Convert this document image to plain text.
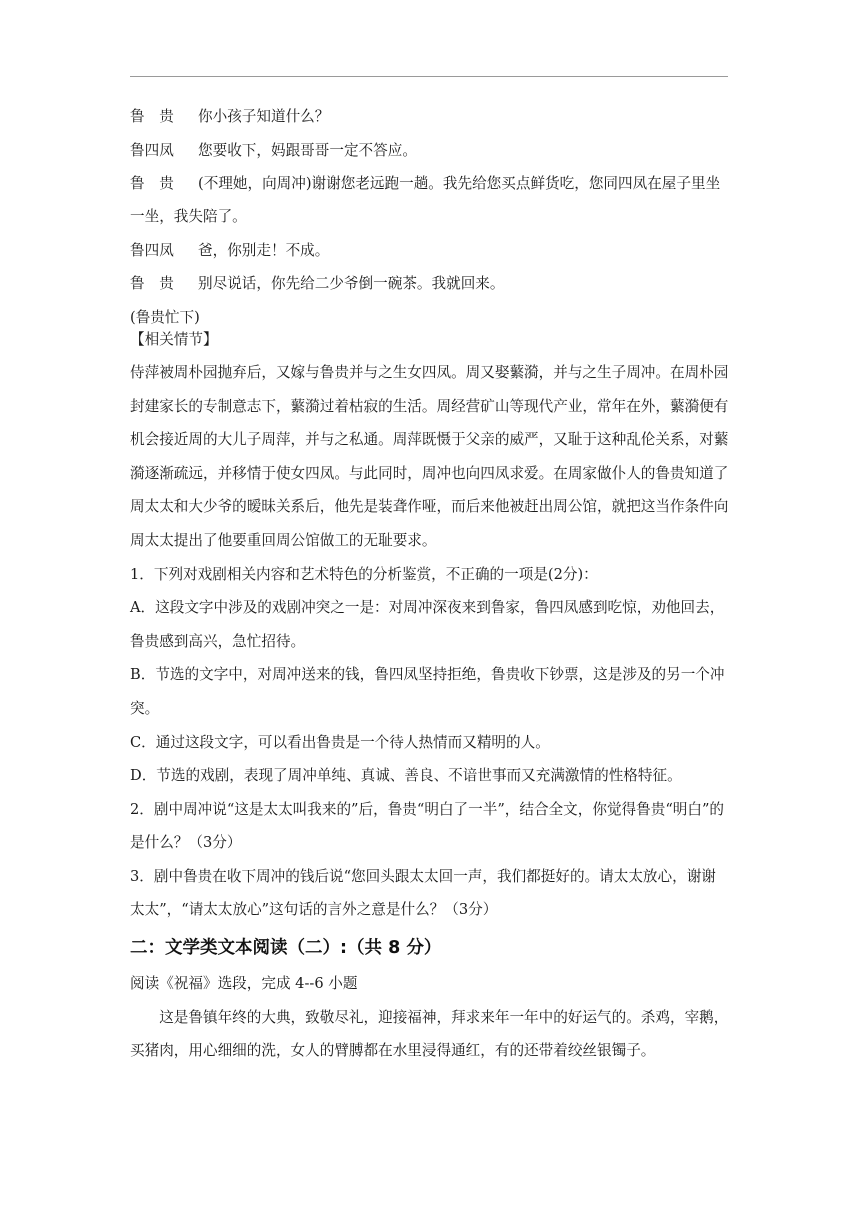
鲁　贵 你小孩子知道什么？

鲁四凤 您要收下，妈跟哥哥一定不答应。

鲁　贵 (不理她，向周冲)谢谢您老远跑一趟。我先给您买点鲜货吃，您同四凤在屋子里坐一坐，我失陪了。

鲁四凤 爸，你别走！不成。

鲁　贵 别尽说话，你先给二少爷倒一碗茶。我就回来。

(鲁贵忙下)

【相关情节】

侍萍被周朴园抛弃后，又嫁与鲁贵并与之生女四凤。周又娶蘩漪，并与之生子周冲。在周朴园封建家长的专制意志下，蘩漪过着枯寂的生活。周经营矿山等现代产业，常年在外，蘩漪便有机会接近周的大儿子周萍，并与之私通。周萍既慑于父亲的威严，又耻于这种乱伦关系，对蘩漪逐渐疏远，并移情于使女四凤。与此同时，周冲也向四凤求爱。在周家做仆人的鲁贵知道了周太太和大少爷的暧昧关系后，他先是装聋作哑，而后来他被赶出周公馆，就把这当作条件向周太太提出了他要重回周公馆做工的无耻要求。

1．下列对戏剧相关内容和艺术特色的分析鉴赏，不正确的一项是(2分)：

A．这段文字中涉及的戏剧冲突之一是：对周冲深夜来到鲁家，鲁四凤感到吃惊，劝他回去，鲁贵感到高兴，急忙招待。

B．节选的文字中，对周冲送来的钱，鲁四凤坚持拒绝，鲁贵收下钞票，这是涉及的另一个冲突。

C．通过这段文字，可以看出鲁贵是一个待人热情而又精明的人。

D．节选的戏剧，表现了周冲单纯、真诚、善良、不谙世事而又充满激情的性格特征。

2．剧中周冲说“这是太太叫我来的”后，鲁贵“明白了一半”，结合全文，你觉得鲁贵“明白”的是什么？（3分）

3．剧中鲁贵在收下周冲的钱后说“您回头跟太太回一声，我们都挺好的。请太太放心，谢谢太太”，“请太太放心”这句话的言外之意是什么？（3分）

二：文学类文本阅读（二）:（共 8 分）

阅读《祝福》选段，完成 4--6 小题

这是鲁镇年终的大典，致敬尽礼，迎接福神，拜求来年一年中的好运气的。杀鸡，宰鹅，买猪肉，用心细细的洗，女人的臂膊都在水里浸得通红，有的还带着绞丝银镯子。
